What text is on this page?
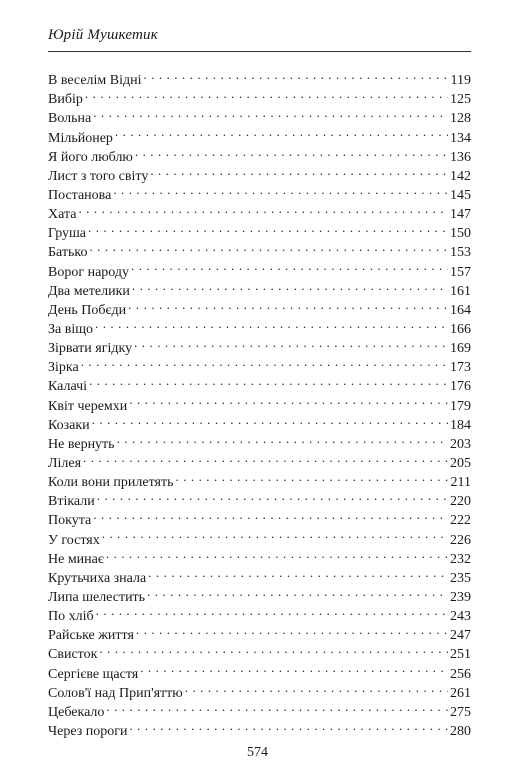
Юрій Мушкетик
В веселім Відні . . .	119
Вибір . . .	125
Вольна . . .	128
Мільйонер . . .	134
Я його люблю . . .	136
Лист з того світу . . .	142
Постанова . . .	145
Хата . . .	147
Груша . . .	150
Батько . . .	153
Ворог народу . . .	157
Два метелики . . .	161
День Побєди . . .	164
За віщо . . .	166
Зірвати ягідку . . .	169
Зірка . . .	173
Калачі . . .	176
Квіт черемхи . . .	179
Козаки . . .	184
Не вернуть . . .	203
Лілея . . .	205
Коли вони прилетять . . .	211
Втікали . . .	220
Покута . . .	222
У гостях . . .	226
Не минає . . .	232
Крутьчиха знала . . .	235
Липа шелестить . . .	239
По хліб . . .	243
Райське життя . . .	247
Свисток . . .	251
Сергієве щастя . . .	256
Солов'ї над Прип'яттю . . .	261
Цебекало . . .	275
Через пороги . . .	280
574
